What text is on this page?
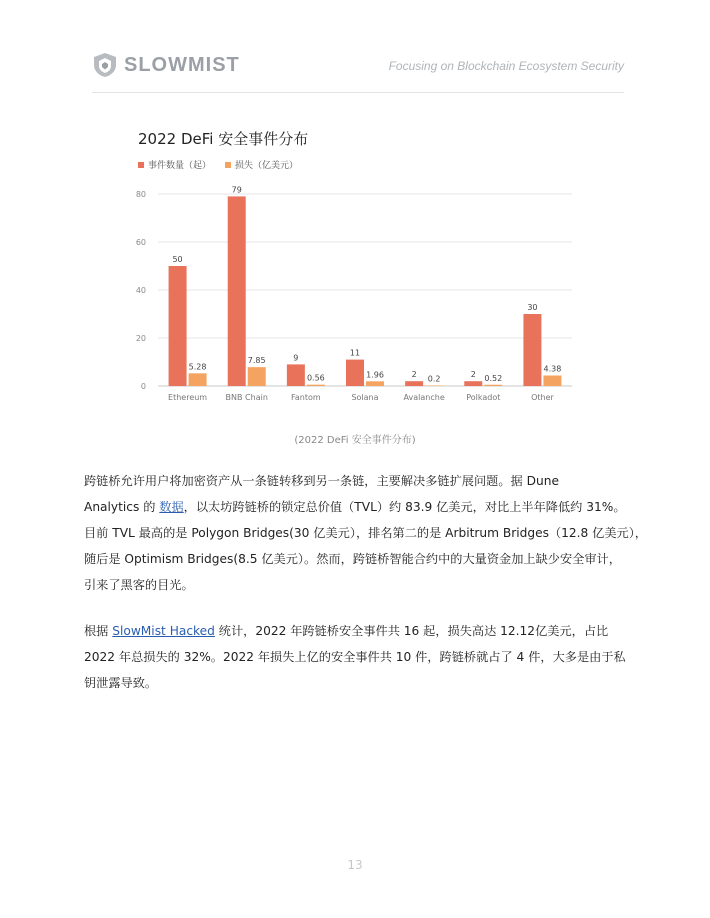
SLOWMIST	Focusing on Blockchain Ecosystem Security
2022 DeFi 安全事件分布
事件数量（起）	损失（亿美元）
0
20
40
60
80
50
5.28
Ethereum
79
7.85
BNB Chain
9
0.56
Fantom
11
1.96
Solana
2 0.2
Avalanche
2 0.52
Polkadot
30
4.38
Other
(2022 DeFi 安全事件分布)

跨链桥允许用户将加密资产从一条链转移到另一条链，主要解决多链扩展问题。据 Dune

Analytics 的 数据，以太坊跨链桥的锁定总价值（TVL）约 83.9 亿美元，对比上半年降低约 31%。

目前 TVL 最高的是 Polygon Bridges(30 亿美元），排名第二的是 Arbitrum Bridges（12.8 亿美元），

随后是 Optimism Bridges(8.5 亿美元）。然而，跨链桥智能合约中的大量资金加上缺少安全审计，

引来了黑客的目光。

根据 SlowMist Hacked 统计，2022 年跨链桥安全事件共 16 起，损失高达 12.12亿美元，占比

2022 年总损失的 32%。2022 年损失上亿的安全事件共 10 件，跨链桥就占了 4 件，大多是由于私

钥泄露导致。

13
